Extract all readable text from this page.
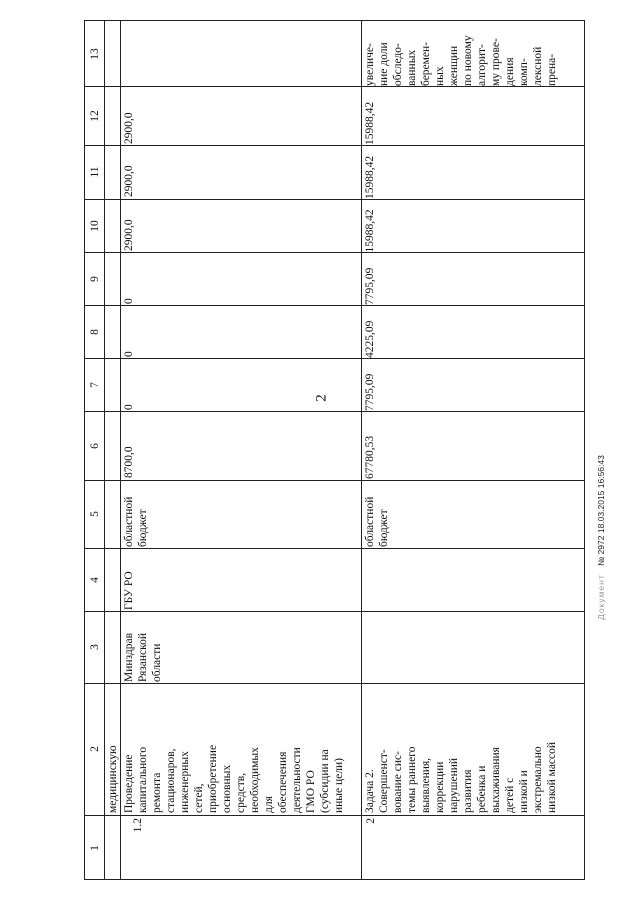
2
1
2
3
4
5
6
7
8
9
10
11
12
13

медицинскую

1.2
Проведение
капитального
ремонта
стационаров,
инженерных
сетей,
приобретение
основных
средств,
необходимых
для
обеспечения
деятельности
ГМО РО
(субсидии на
иные цели)
Минздрав
Рязанской
области
ГБУ РО
областной
бюджет
8700,0
0
0
0
2900,0
2900,0
2900,0
2
Задача 2.
Совершенст-
вование сис-
темы раннего
выявления,
коррекции
нарушений
развития
ребенка и
выхаживания
детей с
низкой и
экстремально
низкой массой
областной
бюджет
67780,53
7795,09
4225,09
7795,09
15988,42
15988,42
15988,42
увеличе-
ние доли
обследо-
ванных
беремен-
ных
женщин
по новому
алгорит-
му прове-
дения
комп-
лексной
прена-
Документ № 2972 18.03.2015 16:56:43
